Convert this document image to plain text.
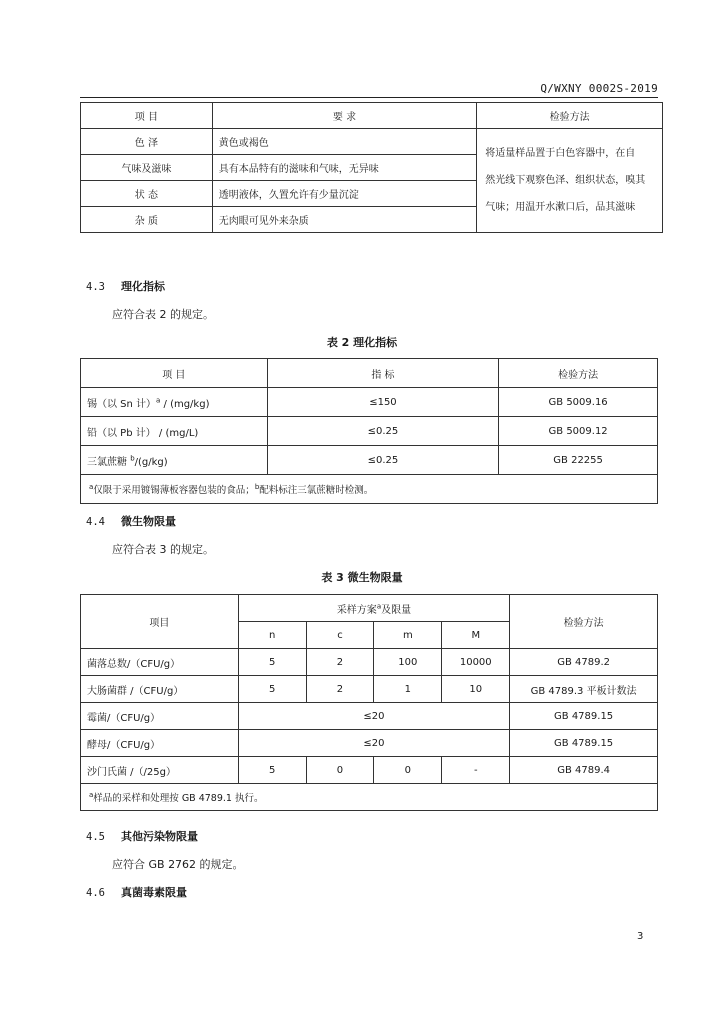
Q/WXNY 0002S-2019
项 目	要 求	检验方法
色 泽	黄色或褐色	将适量样品置于白色容器中，在自
然光线下观察色泽、组织状态，嗅其
气味；用温开水漱口后，品其滋味

气味及滋味	具有本品特有的滋味和气味，无异味	
状 态	透明液体，久置允许有少量沉淀	
杂 质	无肉眼可见外来杂质	
4.3 理化指标
应符合表 2 的规定。
表 2 理化指标
项 目	指 标	检验方法
锡（以 Sn 计）$^a$ / (mg/kg)	≤150	GB 5009.16
铅（以 Pb 计） / (mg/L)	≤0.25	GB 5009.12
三氯蔗糖 $^b$/(g/kg)	≤0.25	GB 22255
$^a$仅限于采用镀锡薄板容器包装的食品；$^b$配料标注三氯蔗糖时检测。		
4.4 微生物限量
应符合表 3 的规定。
表 3 微生物限量
项目	采样方案$^a$及限量				检验方法
	n	c	m	M	
菌落总数/（CFU/g）	5	2	100	10000	GB 4789.2
大肠菌群 /（CFU/g）	5	2	1	10	GB 4789.3 平板计数法
霉菌/（CFU/g）	≤20				GB 4789.15
酵母/（CFU/g）	≤20				GB 4789.15
沙门氏菌 /（/25g）	5	0	0	-	GB 4789.4
$^a$样品的采样和处理按 GB 4789.1 执行。					
4.5 其他污染物限量
应符合 GB 2762 的规定。
4.6 真菌毒素限量
3
